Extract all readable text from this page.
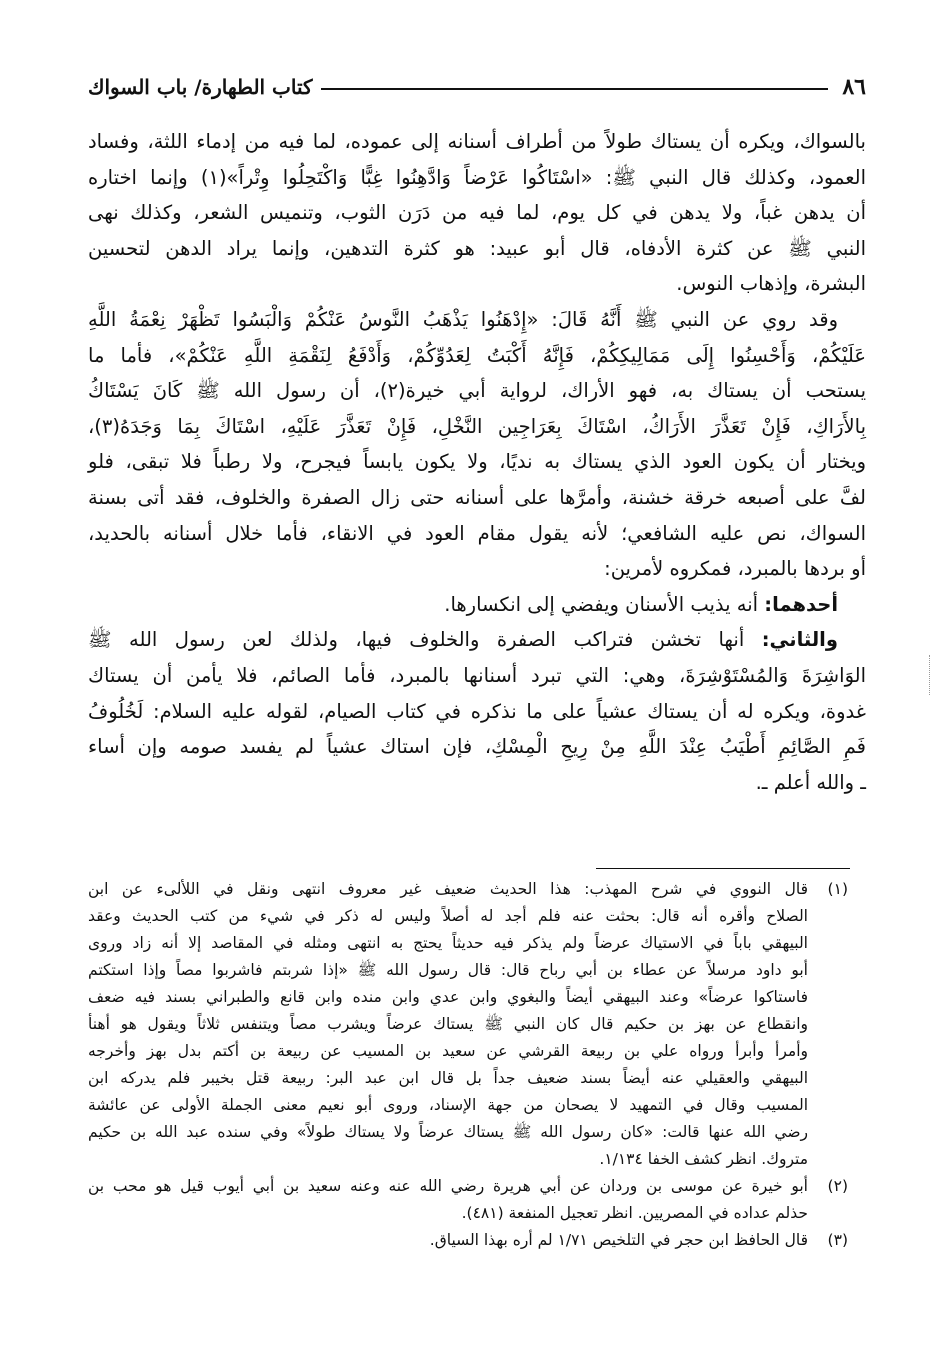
٨٦
كتاب الطهارة/ باب السواك
بالسواك، ويكره أن يستاك طولاً من أطراف أسنانه إلى عموده، لما فيه من إدماء اللثة، وفساد
العمود، وكذلك قال النبي ﷺ: «اسْتَاكُوا عَرْضاً وَادَّهِنُوا غِبًّا وَاكْتَحِلُوا وِتْراً»(١) وإنما اختاره
أن يدهن غباً، ولا يدهن في كل يوم، لما فيه من دَرَن الثوب، وتنميس الشعر، وكذلك نهى
النبي ﷺ عن كثرة الأدفاه، قال أبو عبيد: هو كثرة التدهين، وإنما يراد الدهن لتحسين
البشرة، وإذهاب النوس.
وقد روي عن النبي ﷺ أَنَّهُ قَالَ: «إِدْهَنُوا يَذْهَبُ النَّوسُ عَنْكُمْ وَالْبَسُوا تَظْهَرْ نِعْمَةُ اللَّهِ
عَلَيْكُمْ، وَأَحْسِنُوا إِلَى مَمَالِيكِكُمْ، فَإِنَّهُ أَكْبَتُ لِعَدُوِّكُمْ، وَأَدْفَعُ لِنَقْمَةِ اللَّهِ عَنْكُمْ»، فأما ما
يستحب أن يستاك به، فهو الأراك، لرواية أبي خيرة(٢)، أن رسول الله ﷺ كَانَ يَسْتَاكُ
بِالأَرَاكِ، فَإِنْ تَعَذَّرَ الأَرَاكُ، اسْتَاكَ بِعَرَاجِين النَّخْلِ، فَإِنْ تَعَذَّرَ عَلَيْهِ، اسْتَاكَ بِمَا وَجَدَهُ(٣)،
ويختار أن يكون العود الذي يستاك به نديًا، ولا يكون يابساً فيجرح، ولا رطباً فلا تبقى، فلو
لفَّ على أصبعه خرقة خشنة، وأمرَّها على أسنانه حتى زال الصفرة والخلوف، فقد أتى بسنة
السواك، نص عليه الشافعي؛ لأنه يقول مقام العود في الانقاء، فأما خلال أسنانه بالحديد،
أو بردها بالمبرد، فمكروه لأمرين:
أحدهما: أنه يذيب الأسنان ويفضي إلى انكسارها.
والثاني: أنها تخشن فتراكب الصفرة والخلوف فيها، ولذلك لعن رسول الله ﷺ
الوَاشِرَةَ وَالمُسْتَوْشِرَةَ، وهي: التي تبرد أسنانها بالمبرد، فأما الصائم، فلا يأمن أن يستاك
غدوة، ويكره له أن يستاك عشياً على ما نذكره في كتاب الصيام، لقوله عليه السلام: لَخُلُوفُ
فَمِ الصَّائِمِ أَطْيَبُ عِنْدَ اللَّهِ مِنْ رِيحِ الْمِسْكِ، فإن استاك عشياً لم يفسد صومه وإن أساء
ـ والله أعلم ـ.
(١)
قال النووي في شرح المهذب: هذا الحديث ضعيف غير معروف انتهى ونقل في اللألىء عن ابن
الصلاح وأقره أنه قال: بحثت عنه فلم أجد له أصلاً وليس له ذكر في شيء من كتب الحديث وعقد
البيهقي باباً في الاستياك عرضاً ولم يذكر فيه حديثاً يحتج به انتهى ومثله في المقاصد إلا أنه زاد وروى
أبو داود مرسلاً عن عطاء بن أبي رباح قال: قال رسول الله ﷺ «إذا شربتم فاشربوا مصاً وإذا استكتم
فاستاكوا عرضاً» وعند البيهقي أيضاً والبغوي وابن عدي وابن منده وابن قانع والطبراني بسند فيه ضعف
وانقطاع عن بهز بن حكيم قال كان النبي ﷺ يستاك عرضاً ويشرب مصاً ويتنفس ثلاثاً ويقول هو أهنأ
وأمرأ وأبرأ ورواه علي بن ربيعة القرشي عن سعيد بن المسيب عن ربيعة بن أكتم بدل بهز وأخرجه
البيهقي والعقيلي عنه أيضاً بسند ضعيف جداً بل قال ابن عبد البر: ربيعة قتل بخيبر فلم يدركه ابن
المسيب وقال في التمهيد لا يصحان من جهة الإسناد، وروى أبو نعيم معنى الجملة الأولى عن عائشة
رضي الله عنها قالت: «كان رسول الله ﷺ يستاك عرضاً ولا يستاك طولاً» وفي سنده عبد الله بن حكيم
متروك. انظر كشف الخفا ١/١٣٤.
(٢)
أبو خيرة عن موسى بن وردان عن أبي هريرة رضي الله عنه وعنه سعيد بن أبي أيوب قيل هو محب بن
حذلم عداده في المصريين. انظر تعجيل المنفعة (٤٨١).
(٣)
قال الحافظ ابن حجر في التلخيص ١/٧١ لم أره بهذا السياق.
